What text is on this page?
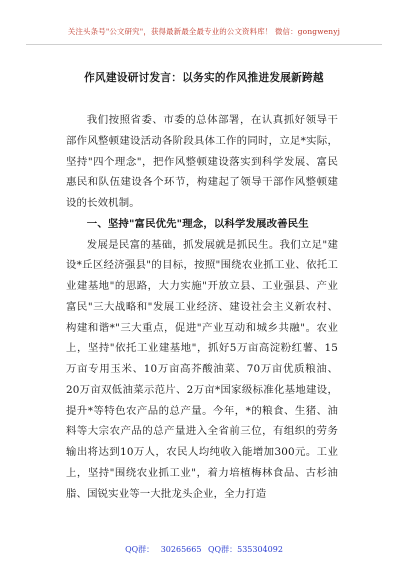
关注头条号"公文研究"，获得最新最全最专业的公文资料库！ 微信：gongwenyj
作风建设研讨发言：以务实的作风推进发展新跨越

我们按照省委、市委的总体部署，在认真抓好领导干部作风整顿建设活动各阶段具体工作的同时，立足*实际，坚持"四个理念"，把作风整顿建设落实到科学发展、富民惠民和队伍建设各个环节，构建起了领导干部作风整顿建设的长效机制。

一、坚持"富民优先"理念，以科学发展改善民生

发展是民富的基础，抓发展就是抓民生。我们立足"建设*丘区经济强县"的目标，按照"围绕农业抓工业、依托工业建基地"的思路，大力实施"开放立县、工业强县、产业富民"三大战略和"发展工业经济、建设社会主义新农村、构建和谐*"三大重点，促进"产业互动和城乡共融"。农业上，坚持"依托工业建基地"，抓好5万亩高淀粉红薯、15万亩专用玉米、10万亩高芥酸油菜、70万亩优质粮油、20万亩双低油菜示范片、2万亩*国家级标准化基地建设，提升*等特色农产品的总产量。今年，*的粮食、生猪、油料等大宗农产品的总产量进入全省前三位，有组织的劳务输出将达到10万人，农民人均纯收入能增加300元。工业上，坚持"围绕农业抓工业"，着力培植梅林食品、古杉油脂、国锐实业等一大批龙头企业，全力打造

QQ群： 30265665 QQ群：535304092
